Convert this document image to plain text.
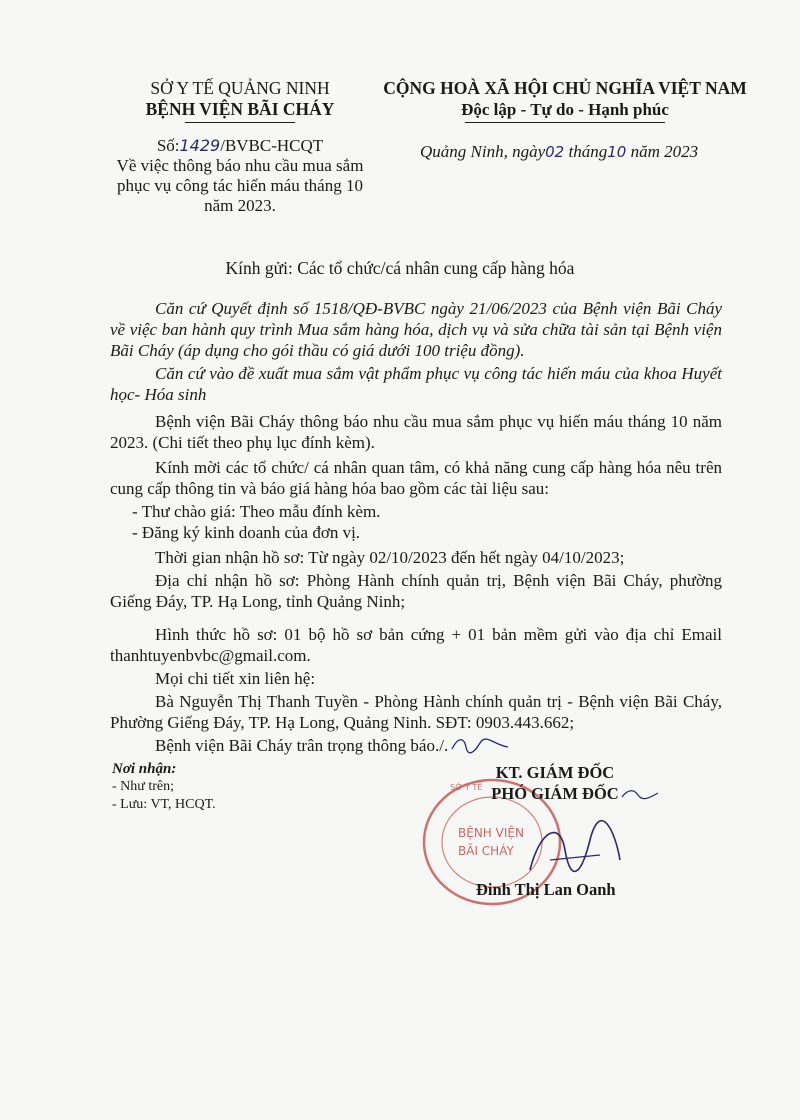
SỞ Y TẾ QUẢNG NINH
BỆNH VIỆN BÃI CHÁY
CỘNG HOÀ XÃ HỘI CHỦ NGHĨA VIỆT NAM
Độc lập - Tự do - Hạnh phúc
Số:1429/BVBC-HCQT
Về việc thông báo nhu cầu mua sắm phục vụ công tác hiến máu tháng 10 năm 2023.
Quảng Ninh, ngày02 tháng10 năm 2023
Kính gửi: Các tổ chức/cá nhân cung cấp hàng hóa

Căn cứ Quyết định số 1518/QĐ-BVBC ngày 21/06/2023 của Bệnh viện Bãi Cháy về việc ban hành quy trình Mua sắm hàng hóa, dịch vụ và sửa chữa tài sản tại Bệnh viện Bãi Cháy (áp dụng cho gói thầu có giá dưới 100 triệu đồng).

Căn cứ vào đề xuất mua sắm vật phẩm phục vụ công tác hiến máu của khoa Huyết học- Hóa sinh

Bệnh viện Bãi Cháy thông báo nhu cầu mua sắm phục vụ hiến máu tháng 10 năm 2023. (Chi tiết theo phụ lục đính kèm).

Kính mời các tổ chức/ cá nhân quan tâm, có khả năng cung cấp hàng hóa nêu trên cung cấp thông tin và báo giá hàng hóa bao gồm các tài liệu sau:

- Thư chào giá: Theo mẫu đính kèm.

- Đăng ký kinh doanh của đơn vị.

Thời gian nhận hồ sơ: Từ ngày 02/10/2023 đến hết ngày 04/10/2023;

Địa chỉ nhận hồ sơ: Phòng Hành chính quản trị, Bệnh viện Bãi Cháy, phường Giếng Đáy, TP. Hạ Long, tỉnh Quảng Ninh;

Hình thức hồ sơ: 01 bộ hồ sơ bản cứng + 01 bản mềm gửi vào địa chỉ Email thanhtuyenbvbc@gmail.com.

Mọi chi tiết xin liên hệ:

Bà Nguyễn Thị Thanh Tuyền - Phòng Hành chính quản trị - Bệnh viện Bãi Cháy, Phường Giếng Đáy, TP. Hạ Long, Quảng Ninh. SĐT: 0903.443.662;

Bệnh viện Bãi Cháy trân trọng thông báo./.

Nơi nhận:
- Như trên;
- Lưu: VT, HCQT.
SỞ Y TẾ
BỆNH VIỆN
BÃI CHÁY
KT. GIÁM ĐỐC
PHÓ GIÁM ĐỐC
Đinh Thị Lan Oanh
